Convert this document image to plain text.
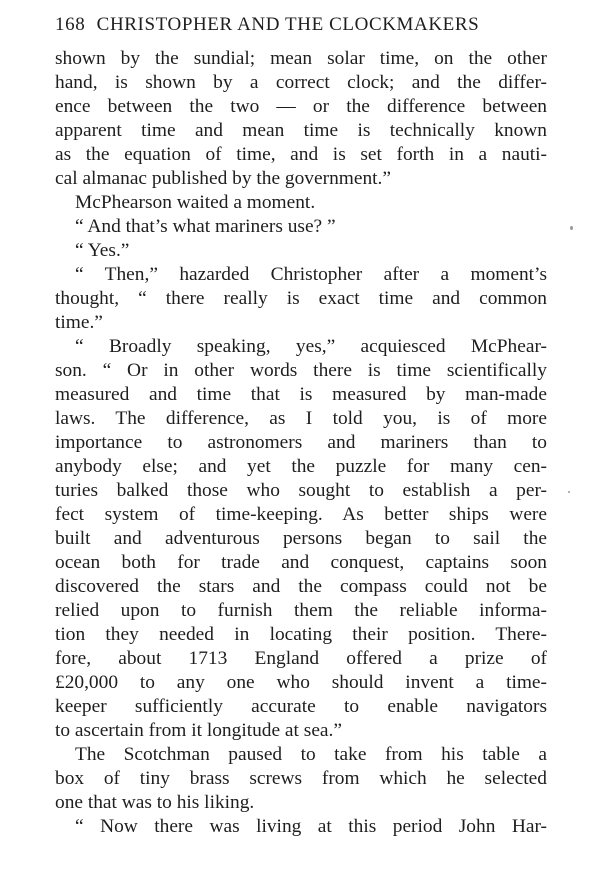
168 CHRISTOPHER AND THE CLOCKMAKERS
shown by the sundial; mean solar time, on the other
hand, is shown by a correct clock; and the differ-
ence between the two — or the difference between
apparent time and mean time is technically known
as the equation of time, and is set forth in a nauti-
cal almanac published by the government.”
McPhearson waited a moment.
“ And that’s what mariners use? ”
“ Yes.”
“ Then,” hazarded Christopher after a moment’s
thought, “ there really is exact time and common
time.”
“ Broadly speaking, yes,” acquiesced McPhear-
son. “ Or in other words there is time scientifically
measured and time that is measured by man-made
laws. The difference, as I told you, is of more
importance to astronomers and mariners than to
anybody else; and yet the puzzle for many cen-
turies balked those who sought to establish a per-
fect system of time-keeping. As better ships were
built and adventurous persons began to sail the
ocean both for trade and conquest, captains soon
discovered the stars and the compass could not be
relied upon to furnish them the reliable informa-
tion they needed in locating their position. There-
fore, about 1713 England offered a prize of
£20,000 to any one who should invent a time-
keeper sufficiently accurate to enable navigators
to ascertain from it longitude at sea.”
The Scotchman paused to take from his table a
box of tiny brass screws from which he selected
one that was to his liking.
“ Now there was living at this period John Har-
